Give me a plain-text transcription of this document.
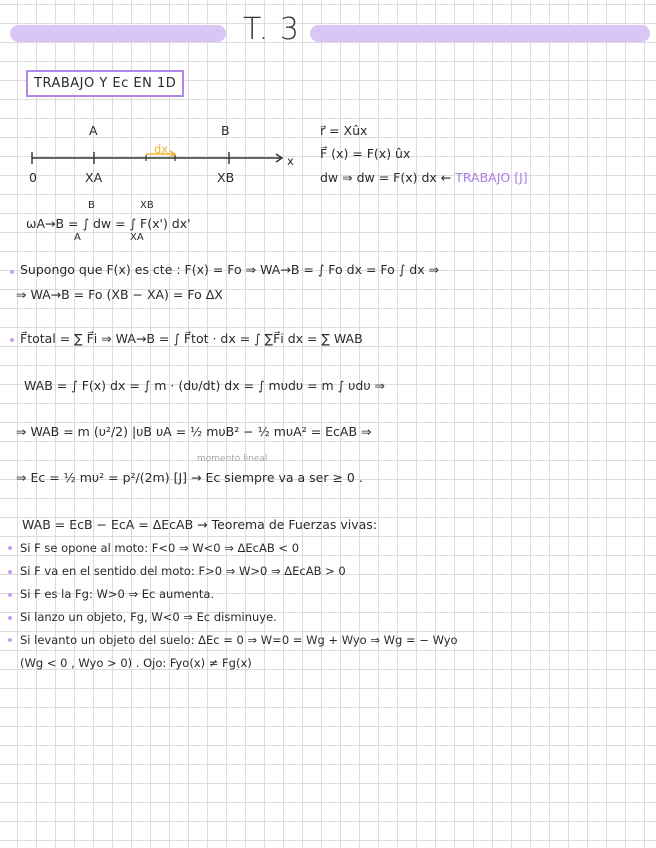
T. 3
TRABAJO Y Ec EN 1D
A	B
dx
x
0	XA	XB
r⃗ = Xûx
F⃗ (x) = F(x) ûx
dw ⇒ dw = F(x) dx ← TRABAJO [J]
ωA→B = ∫ dw = ∫ F(x') dx'
B
A
XB
XA
Supongo que F(x) es cte : F(x) = Fo ⇒ WA→B = ∫ Fo dx = Fo ∫ dx ⇒
⇒ WA→B = Fo (XB − XA) = Fo ΔX
F⃗total = ∑ F⃗i ⇒ WA→B = ∫ F⃗tot · dx = ∫ ∑F⃗i dx = ∑ WAB
WAB = ∫ F(x) dx = ∫ m · (dυ/dt) dx = ∫ mυdυ = m ∫ υdυ ⇒
⇒ WAB = m (υ²/2) |υB υA = ½ mυB² − ½ mυA² = EcAB ⇒
⇒ Ec = ½ mυ² = p²/(2m) [J] → Ec siempre va a ser ≥ 0 .
momento lineal
WAB = EcB − EcA = ΔEcAB → Teorema de Fuerzas vivas:
Si F se opone al moto: F<0 ⇒ W<0 ⇒ ΔEcAB < 0
Si F va en el sentido del moto: F>0 ⇒ W>0 ⇒ ΔEcAB > 0
Si F es la Fg: W>0 ⇒ Ec aumenta.
Si lanzo un objeto, Fg, W<0 ⇒ Ec disminuye.
Si levanto un objeto del suelo: ΔEc = 0 ⇒ W=0 = Wg + Wyo ⇒ Wg = − Wyo
(Wg < 0 , Wyo > 0) . Ojo: Fyo(x) ≠ Fg(x)
